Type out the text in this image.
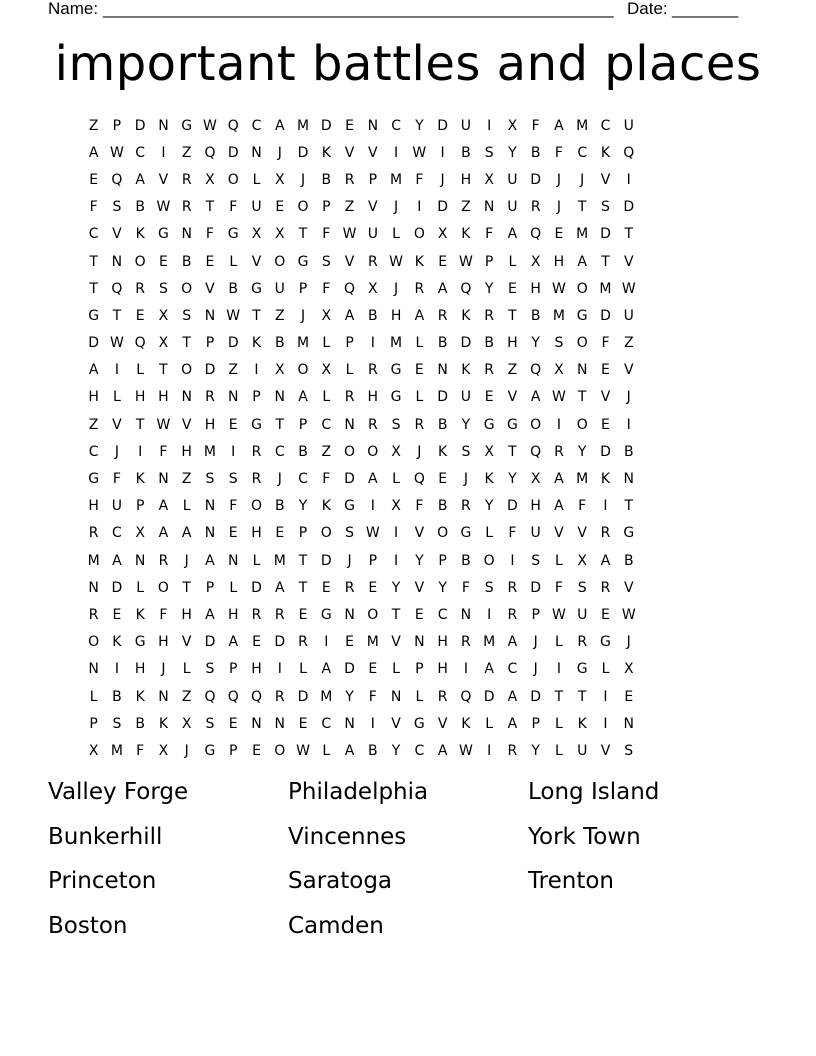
Name: ______________________________________________________ Date: _______
important battles and places
Z	P D N G W Q C A M D E N C	Y D U	I	X	F	A M C U
A W C	I	Z Q D N	J	D K V V	I	W	I	B	S	Y	B	F	C K Q
E Q A V R X O L	X	J	B R	P M F	J	H X U D	J	J	V	I
F	S	B W R	T	F	U E O P	Z V	J	I	D Z N U R	J	T	S D
C V K G N F G X X	T	F W U	L O X K	F	A Q E M D T
T N O E	B	E	L	V O G S	V R W K	E W P	L	X H A	T	V
T Q R S O V B G U P	F Q X	J	R A Q Y	E H W O M W
G T	E	X	S N W T	Z	J	X A B H A R K R	T	B M G D U
D W Q X	T	P D K B M L	P	I	M L	B D B H Y	S O F	Z
A	I	L	T O D Z	I	X O X	L	R G E N K R Z Q X N E	V
H	L	H H N R N P N A	L	R H G L D U E	V A W T	V	J
Z V	T W V H E G T	P	C N R S R B	Y G G O	I	O E	I
C	J	I	F H M	I	R C B Z O O X	J	K	S	X	T Q R	Y D B
G F	K N Z	S	S R	J	C	F D A	L Q E	J	K	Y	X A M K N
H U P	A	L	N F O B	Y	K G	I	X	F	B R	Y D H A	F	I	T
R C X A A N E H E	P O S W	I	V O G L	F	U V V R G
M A N R	J	A N	L M T D	J	P	I	Y	P	B O	I	S	L	X A B
N D L O T	P	L D A	T	E R E	Y	V	Y	F	S R D F	S R V
R E	K	F H A H R R E G N O T	E C N	I	R	P W U E W
O K G H V D A	E D R	I	E M V N H R M A	J	L	R G	J
N	I	H	J	L	S	P H	I	L	A D E	L	P H	I	A C	J	I	G L	X
L	B K N Z Q Q Q R D M Y	F	N	L	R Q D A D T	T	I	E
P	S	B K X	S	E N N E C N	I	V G V K	L	A	P	L	K	I	N
X M F	X	J	G P	E O W L	A B	Y	C A W	I	R	Y	L	U V	S
Valley Forge	Philadelphia	Long Island
Bunkerhill	Vincennes	York Town
Princeton	Saratoga	Trenton
Boston	Camden
